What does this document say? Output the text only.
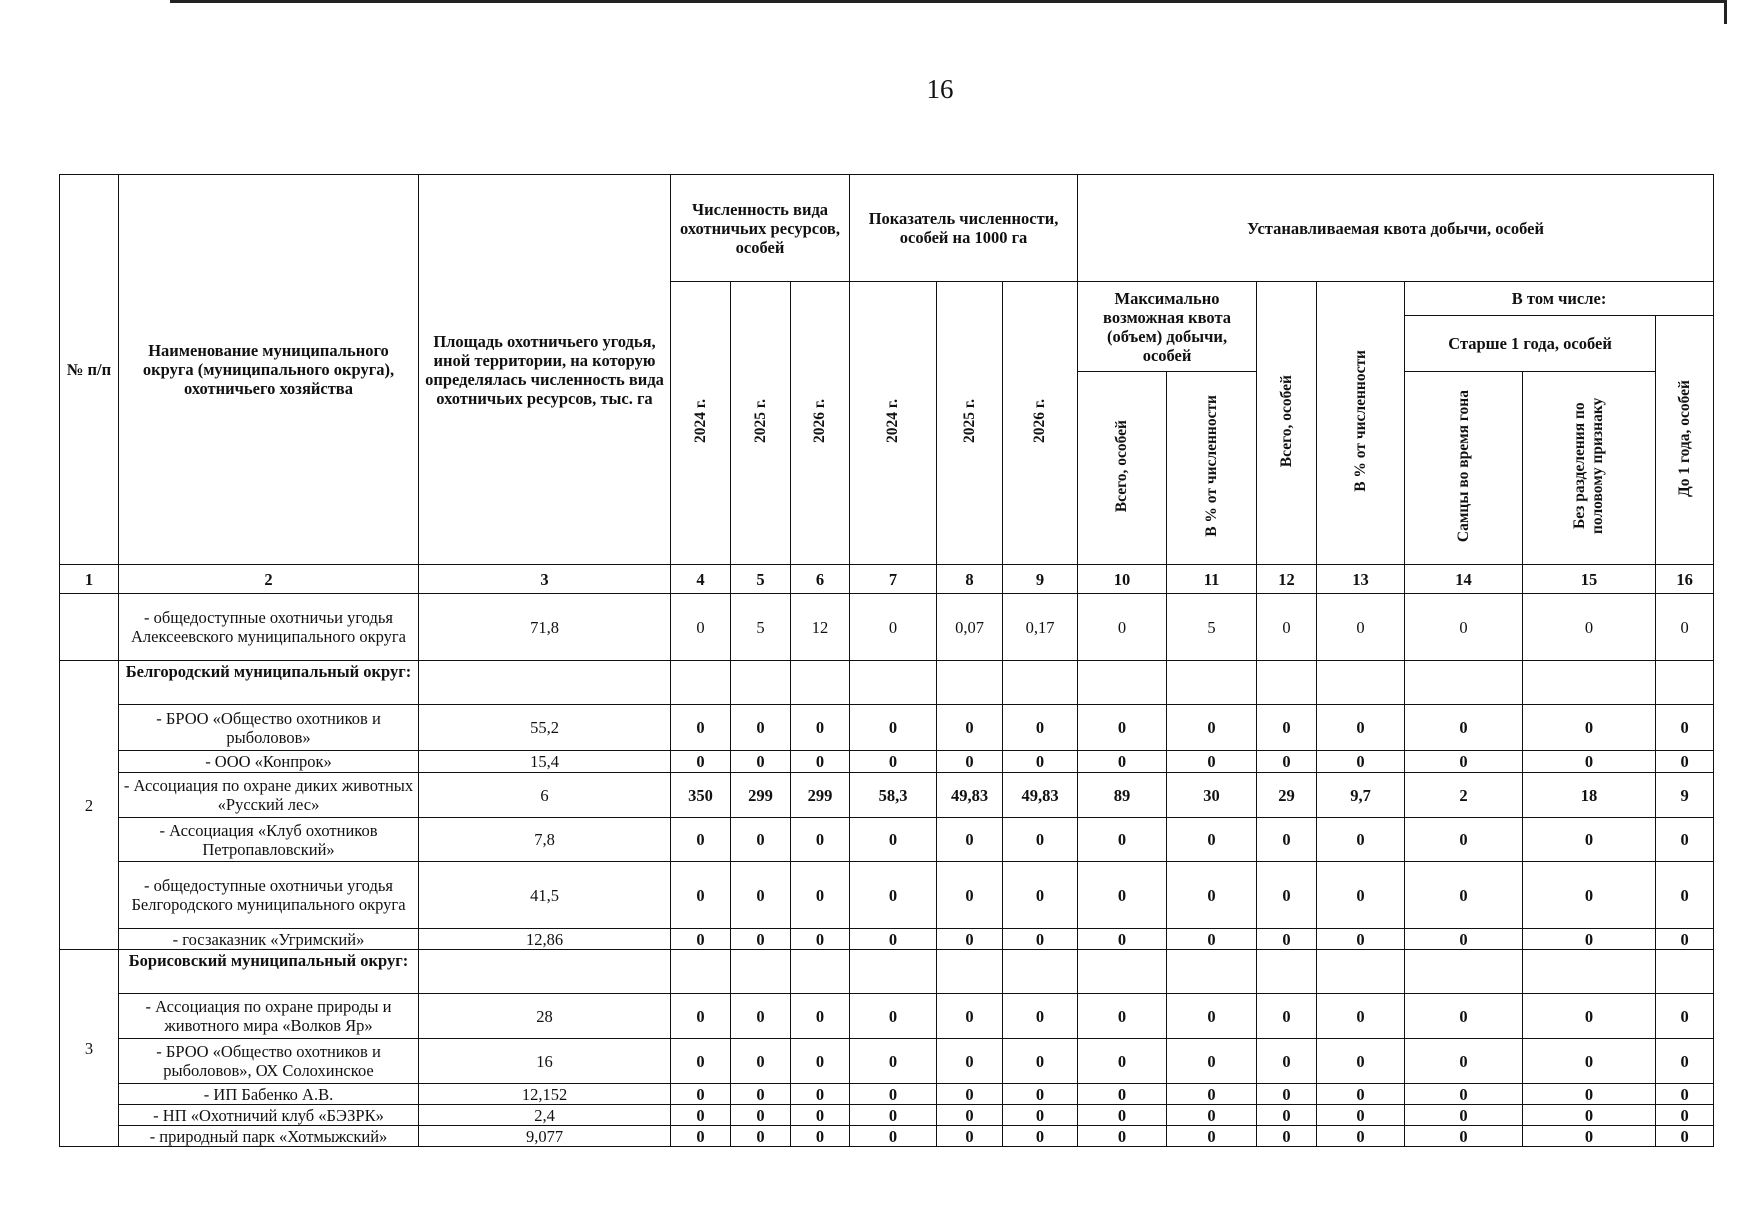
16
№ п/п	Наименование муниципального округа (муниципального округа), охотничьего хозяйства	Площадь охотничьего угодья, иной территории, на которую определялась численность вида охотничьих ресурсов, тыс. га	Численность вида охотничьих ресурсов, особей			Показатель численности, особей на 1000 га			Устанавливаемая квота добычи, особей						
			2024 г.	2025 г.	2026 г.	2024 г.	2025 г.	2026 г.	Максимально возможная квота (объем) добычи, особей		Всего, особей	В % от численности	В том числе:		
													Старше 1 года, особей		До 1 года, особей
									Всего, особей	В % от численности			Самцы во время гона	Без разделения по половому признаку	
1	2	3	4	5	6	7	8	9	10	11	12	13	14	15	16
	- общедоступные охотничьи угодья Алексеевского муниципального округа	71,8	0	5	12	0	0,07	0,17	0	5	0	0	0	0	0
2	Белгородский муниципальный округ:														
	- БРОО «Общество охотников и рыболовов»	55,2	0	0	0	0	0	0	0	0	0	0	0	0	0
	- ООО «Конпрок»	15,4	0	0	0	0	0	0	0	0	0	0	0	0	0
	- Ассоциация по охране диких животных «Русский лес»	6	350	299	299	58,3	49,83	49,83	89	30	29	9,7	2	18	9
	- Ассоциация «Клуб охотников Петропавловский»	7,8	0	0	0	0	0	0	0	0	0	0	0	0	0
	- общедоступные охотничьи угодья Белгородского муниципального округа	41,5	0	0	0	0	0	0	0	0	0	0	0	0	0
	- госзаказник «Угримский»	12,86	0	0	0	0	0	0	0	0	0	0	0	0	0
3	Борисовский муниципальный округ:														
	- Ассоциация по охране природы и животного мира «Волков Яр»	28	0	0	0	0	0	0	0	0	0	0	0	0	0
	- БРОО «Общество охотников и рыболовов», ОХ Солохинское	16	0	0	0	0	0	0	0	0	0	0	0	0	0
	- ИП Бабенко А.В.	12,152	0	0	0	0	0	0	0	0	0	0	0	0	0
	- НП «Охотничий клуб «БЭЗРК»	2,4	0	0	0	0	0	0	0	0	0	0	0	0	0
	- природный парк «Хотмыжский»	9,077	0	0	0	0	0	0	0	0	0	0	0	0	0
